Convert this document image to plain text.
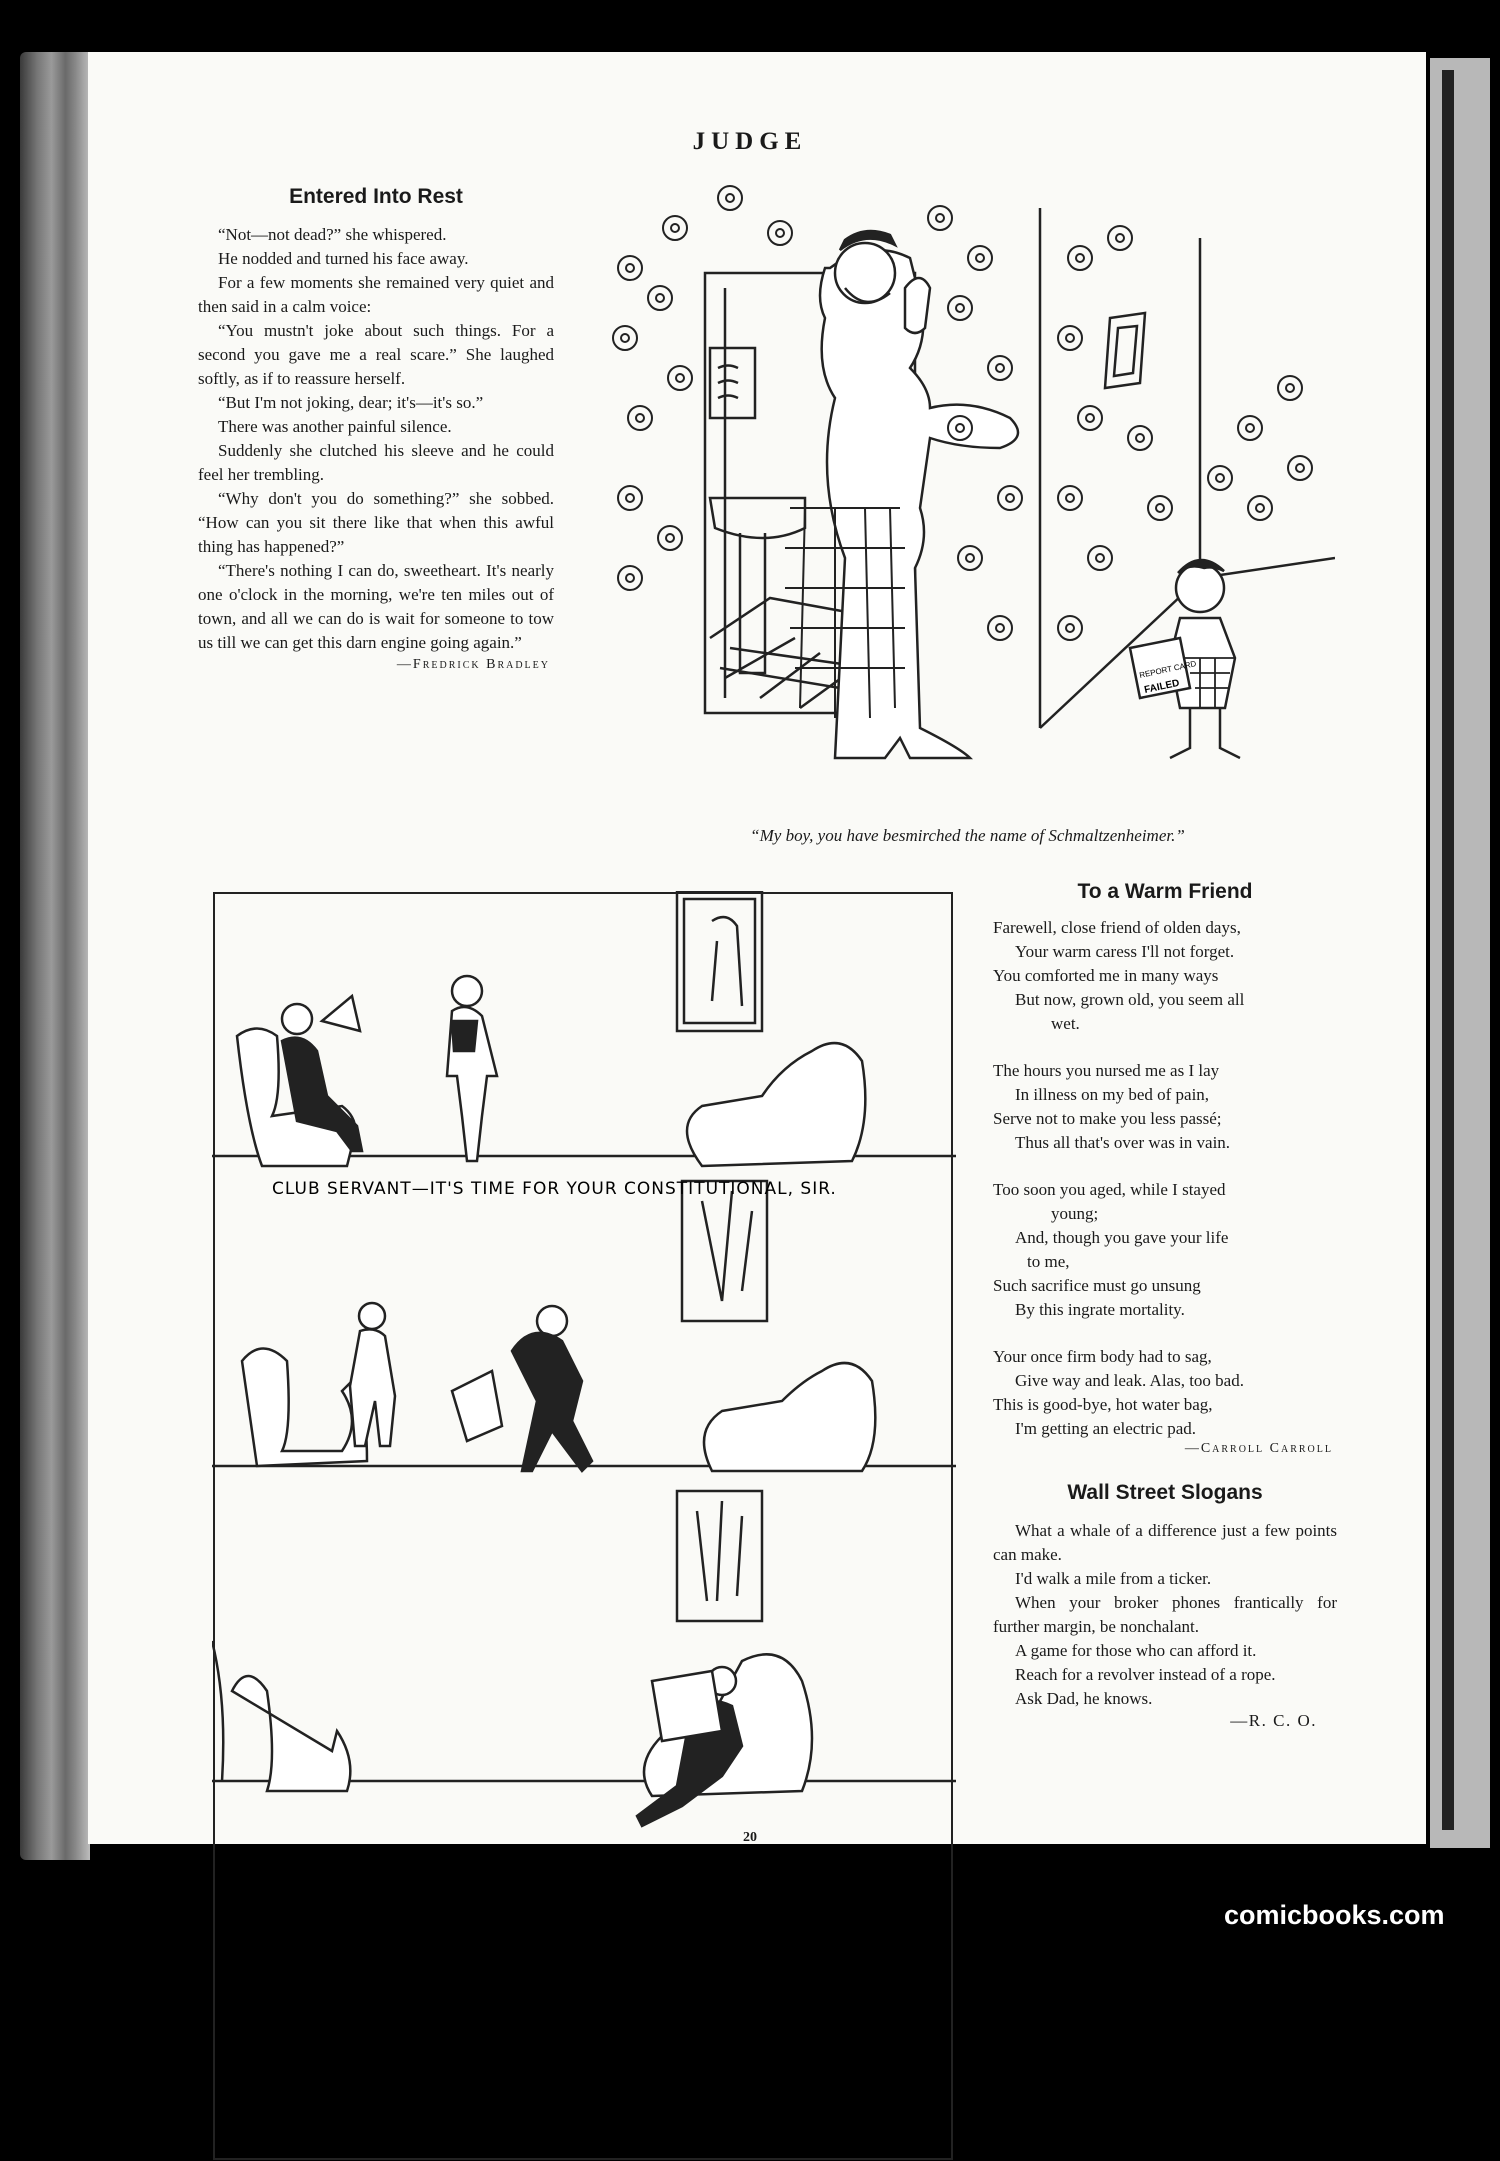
JUDGE
Entered Into Rest

“Not—not dead?” she whispered.

He nodded and turned his face away.

For a few moments she remained very quiet and then said in a calm voice:

“You mustn't joke about such things. For a second you gave me a real scare.” She laughed softly, as if to reassure herself.

“But I'm not joking, dear; it's—it's so.”

There was another painful silence.

Suddenly she clutched his sleeve and he could feel her trembling.

“Why don't you do something?” she sobbed. “How can you sit there like that when this awful thing has happened?”

“There's nothing I can do, sweetheart. It's nearly one o'clock in the morning, we're ten miles out of town, and all we can do is wait for someone to tow us till we can get this darn engine going again.”

—Fredrick Bradley	REPORT CARD
FAILED
“My boy, you have besmirched the name of Schmaltzenheimer.”
CLUB SERVANT—IT'S TIME FOR YOUR CONSTITUTIONAL, SIR.
To a Warm Friend

Farewell, close friend of olden days,

Your warm caress I'll not forget.

You comforted me in many ways

But now, grown old, you seem all

wet.

The hours you nursed me as I lay

In illness on my bed of pain,

Serve not to make you less passé;

Thus all that's over was in vain.

Too soon you aged, while I stayed

young;

And, though you gave your life

to me,

Such sacrifice must go unsung

By this ingrate mortality.

Your once firm body had to sag,

Give way and leak. Alas, too bad.

This is good-bye, hot water bag,

I'm getting an electric pad.

—Carroll Carroll
Wall Street Slogans

What a whale of a difference just a few points can make.

I'd walk a mile from a ticker.

When your broker phones frantically for further margin, be nonchalant.

A game for those who can afford it.

Reach for a revolver instead of a rope.

Ask Dad, he knows.

—R. C. O.
20
comicbooks.com
